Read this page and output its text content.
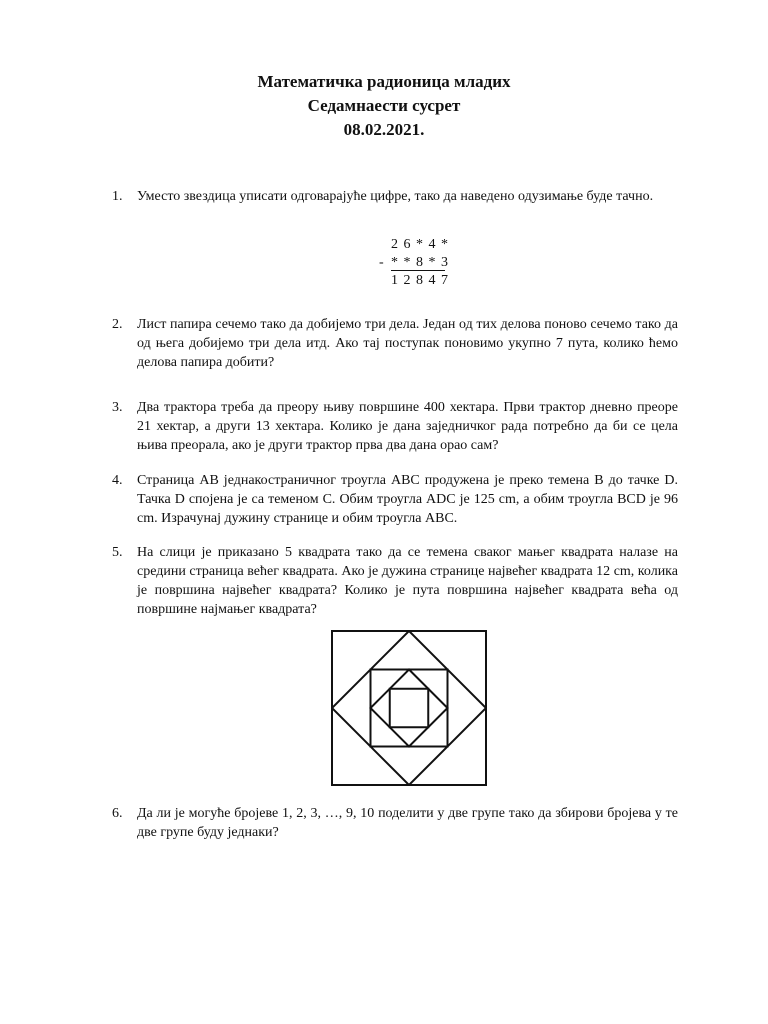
Математичка радионица младих
Седамнаести сусрет
08.02.2021.
1. Уместо звездица уписати одговарајуће цифре, тако да наведено одузимање буде тачно.
2 6 * 4 *
- * * 8 * 3
1 2 8 4 7
2. Лист папира сечемо тако да добијемо три дела. Један од тих делова поново сечемо тако да од њега добијемо три дела итд. Ако тај поступак поновимо укупно 7 пута, колико ћемо делова папира добити?
3. Два трактора треба да преору њиву површине 400 хектара. Први трактор дневно преоре 21 хектар, а други 13 хектара. Колико је дана заједничког рада потребно да би се цела њива преорала, ако је други трактор прва два дана орао сам?
4. Страница AB једнакостраничног троугла ABC продужена је преко темена B до тачке D. Тачка D спојена је са теменом C. Обим троугла ADC је 125 cm, а обим троугла BCD је 96 cm. Израчунај дужину странице и обим троугла ABC.
5. На слици је приказано 5 квадрата тако да се темена сваког мањег квадрата налазе на средини страница већег квадрата. Ако је дужина странице највећег квадрата 12 cm, колика је површина највећег квадрата? Колико је пута површина највећег квадрата већа од површине најмањег квадрата?
6. Да ли је могуће бројеве 1, 2, 3, …, 9, 10 поделити у две групе тако да збирови бројева у те две групе буду једнаки?
